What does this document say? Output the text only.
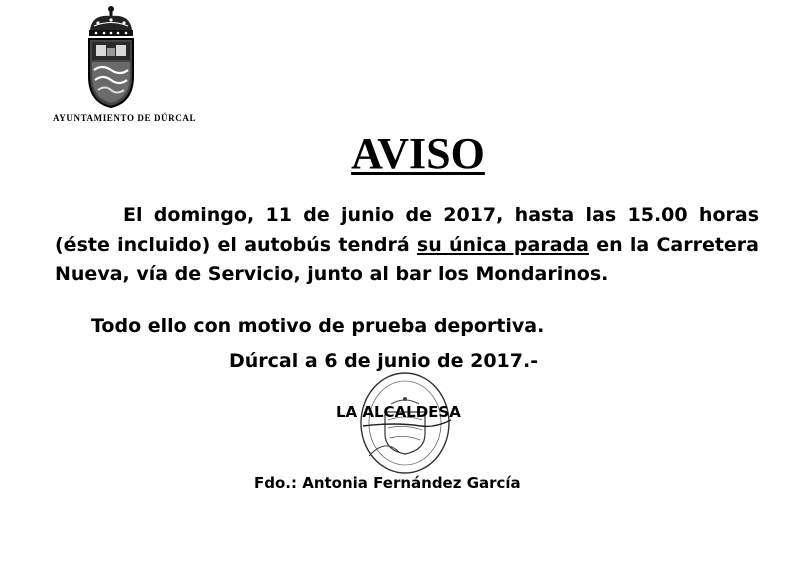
AYUNTAMIENTO DE DÚRCAL
AVISO
El domingo, 11 de junio de 2017, hasta las 15.00 horas (éste incluido) el autobús tendrá su única parada en la Carretera Nueva, vía de Servicio, junto al bar los Mondarinos.
Todo ello con motivo de prueba deportiva.
Dúrcal a 6 de junio de 2017.-
LA ALCALDESA
Fdo.: Antonia Fernández García
